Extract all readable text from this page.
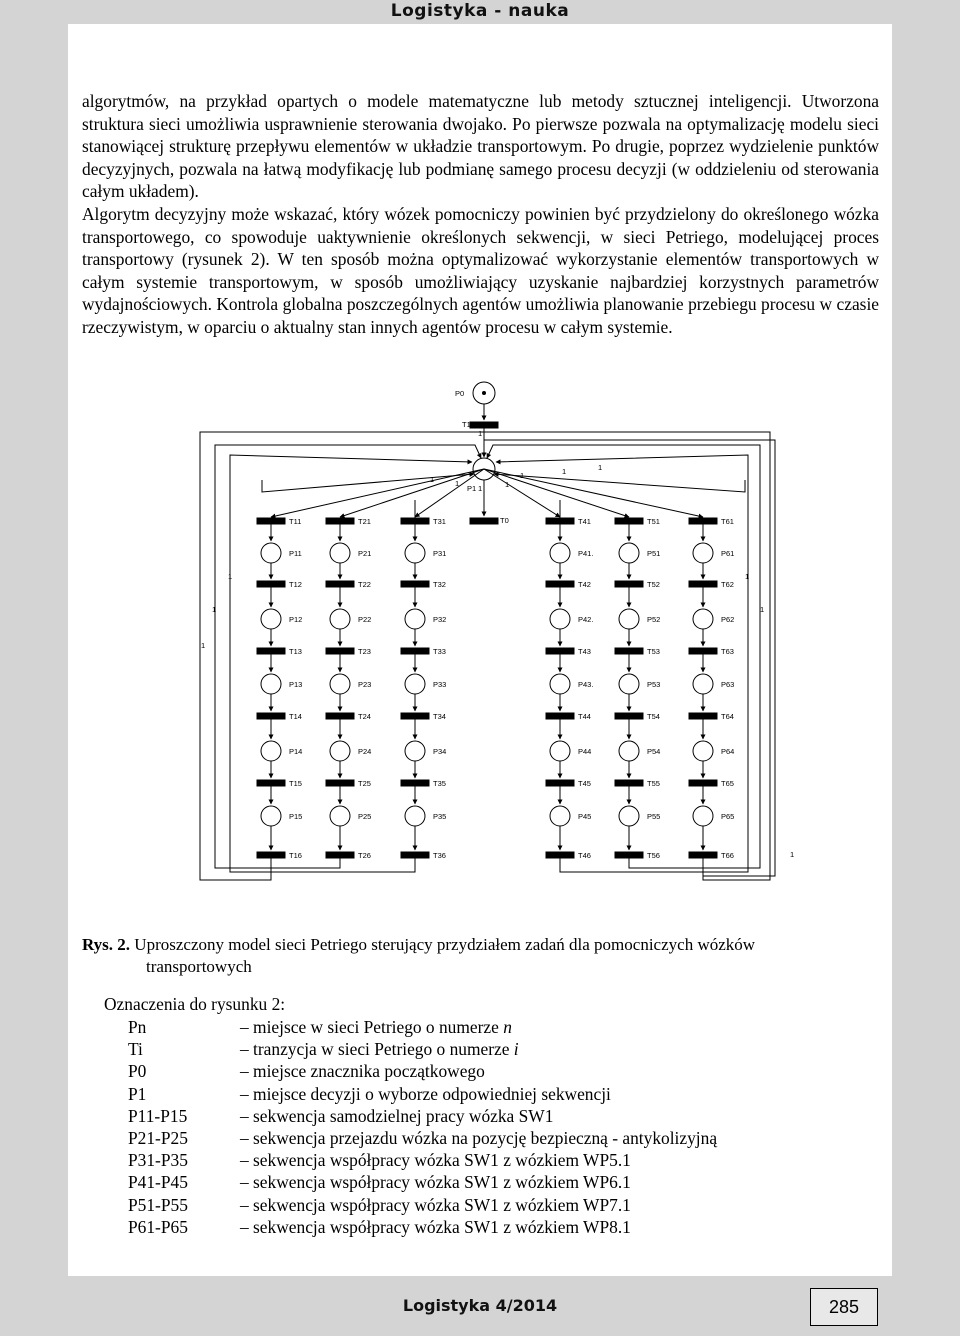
Logistyka - nauka

algorytmów, na przykład opartych o modele matematyczne lub metody sztucznej inteligencji. Utworzona struktura sieci umożliwia usprawnienie sterowania dwojako. Po pierwsze pozwala na optymalizację modelu sieci stanowiącej strukturę przepływu elementów w układzie transportowym. Po drugie, poprzez wydzielenie punktów decyzyjnych, pozwala na łatwą modyfikację lub podmianę samego procesu decyzji (w oddzieleniu od sterowania całym układem).

Algorytm decyzyjny może wskazać, który wózek pomocniczy powinien być przydzielony do określonego wózka transportowego, co spowoduje uaktywnienie określonych sekwencji, w sieci Petriego, modelującej proces transportowy (rysunek 2). W ten sposób można optymalizować wykorzystanie elementów transportowych w całym systemie transportowym, w sposób umożliwiający uzyskanie najbardziej korzystnych parametrów wydajnościowych. Kontrola globalna poszczególnych agentów umożliwia planowanie przebiegu procesu w czasie rzeczywistym, w oparciu o aktualny stan innych agentów procesu w całym systemie.

P0
T1
P1
T0
1
1
T11
P11
T12
P12
T13
P13
T14
P14
T15
P15
T16
T21
P21
T22
P22
T23
P23
T24
P24
T25
P25
T26
T31
P31
T32
P32
T33
P33
T34
P34
T35
P35
T36
T41
P41.
T42
P42.
T43
P43.
T44
P44
T45
P45
T46
T51
P51
T52
P52
T53
P53
T54
P54
T55
P55
T56
T61
P61
T62
P62
T63
P63
T64
P64
T65
P65
T66
1	1	1	1
1	1
1
1
1
1
1
1
Rys. 2. Uproszczony model sieci Petriego sterujący przydziałem zadań dla pomocniczych wózków
transportowych
Oznaczenia do rysunku 2:
Pn	– miejsce w sieci Petriego o numerze n
Ti	– tranzycja w sieci Petriego o numerze i
P0	– miejsce znacznika początkowego
P1	– miejsce decyzji o wyborze odpowiedniej sekwencji
P11-P15	– sekwencja samodzielnej pracy wózka SW1
P21-P25	– sekwencja przejazdu wózka na pozycję bezpieczną - antykolizyjną
P31-P35	– sekwencja współpracy wózka SW1 z wózkiem WP5.1
P41-P45	– sekwencja współpracy wózka SW1 z wózkiem WP6.1
P51-P55	– sekwencja współpracy wózka SW1 z wózkiem WP7.1
P61-P65	– sekwencja współpracy wózka SW1 z wózkiem WP8.1
Logistyka 4/2014	285
